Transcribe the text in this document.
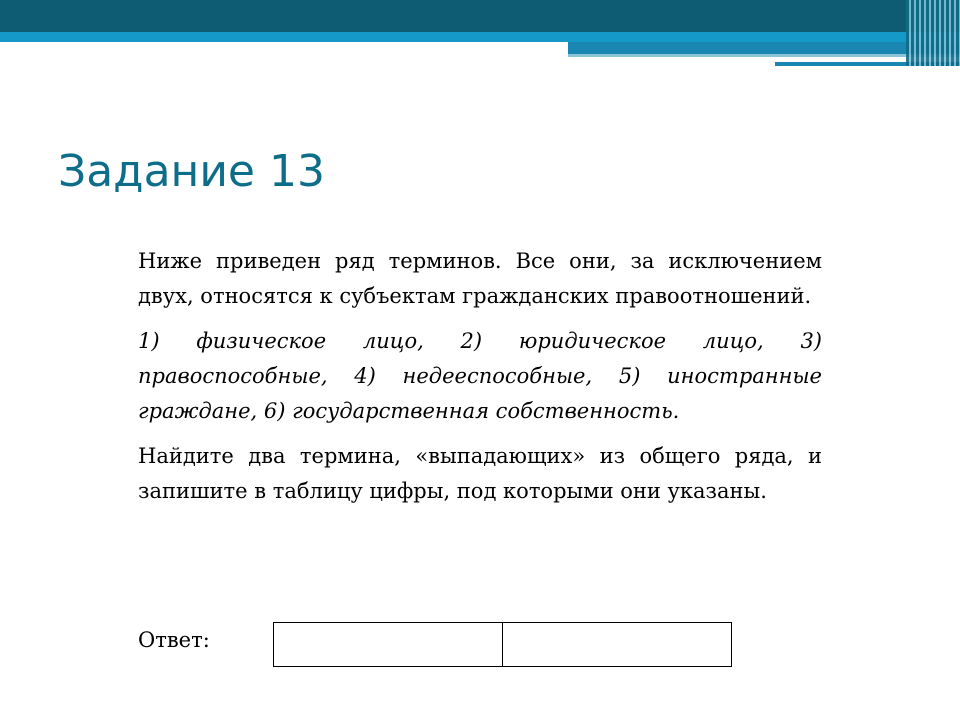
Задание 13

Ниже приведен ряд терминов. Все они, за исключением двух, относятся к субъектам гражданских правоотношений.

1) физическое лицо, 2) юридическое лицо, 3) правоспособные, 4) недееспособные, 5) иностранные граждане, 6) государственная собственность.

Найдите два термина, «выпадающих» из общего ряда, и запишите в таблицу цифры, под которыми они указаны.

Ответ:
